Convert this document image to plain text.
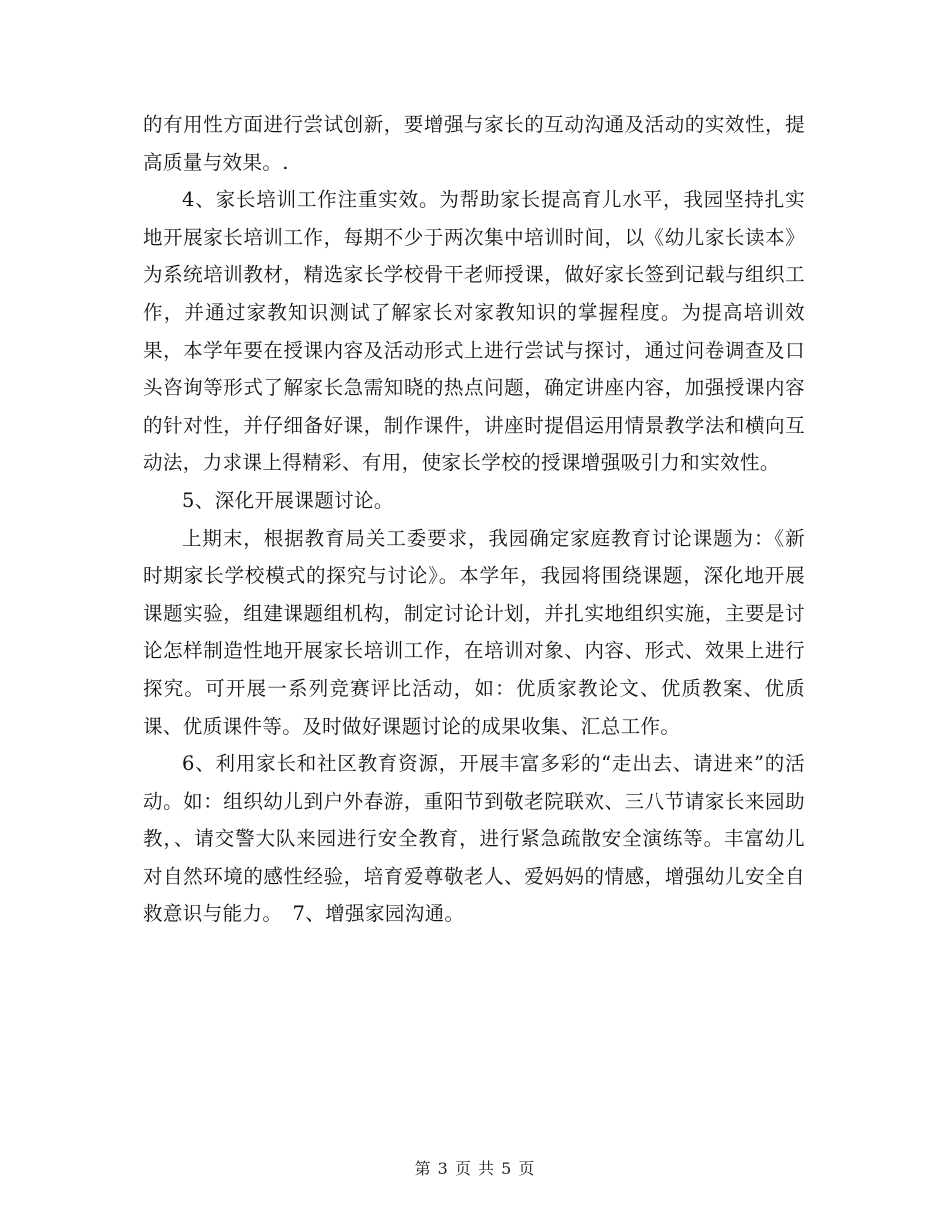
的有用性方面进行尝试创新，要增强与家长的互动沟通及活动的实效性，提高质量与效果。.

4、家长培训工作注重实效。为帮助家长提高育儿水平，我园坚持扎实地开展家长培训工作，每期不少于两次集中培训时间，以《幼儿家长读本》为系统培训教材，精选家长学校骨干老师授课，做好家长签到记载与组织工作，并通过家教知识测试了解家长对家教知识的掌握程度。为提高培训效果，本学年要在授课内容及活动形式上进行尝试与探讨，通过问卷调查及口头咨询等形式了解家长急需知晓的热点问题，确定讲座内容，加强授课内容的针对性，并仔细备好课，制作课件，讲座时提倡运用情景教学法和横向互动法，力求课上得精彩、有用，使家长学校的授课增强吸引力和实效性。

5、深化开展课题讨论。

上期末，根据教育局关工委要求，我园确定家庭教育讨论课题为：《新时期家长学校模式的探究与讨论》。本学年，我园将围绕课题，深化地开展课题实验，组建课题组机构，制定讨论计划，并扎实地组织实施，主要是讨论怎样制造性地开展家长培训工作，在培训对象、内容、形式、效果上进行探究。可开展一系列竞赛评比活动，如：优质家教论文、优质教案、优质课、优质课件等。及时做好课题讨论的成果收集、汇总工作。

6、利用家长和社区教育资源，开展丰富多彩的“走出去、请进来”的活动。如：组织幼儿到户外春游，重阳节到敬老院联欢、三八节请家长来园助教，、请交警大队来园进行安全教育，进行紧急疏散安全演练等。丰富幼儿对自然环境的感性经验，培育爱尊敬老人、爱妈妈的情感，增强幼儿安全自救意识与能力。　7、增强家园沟通。

第 3 页 共 5 页
